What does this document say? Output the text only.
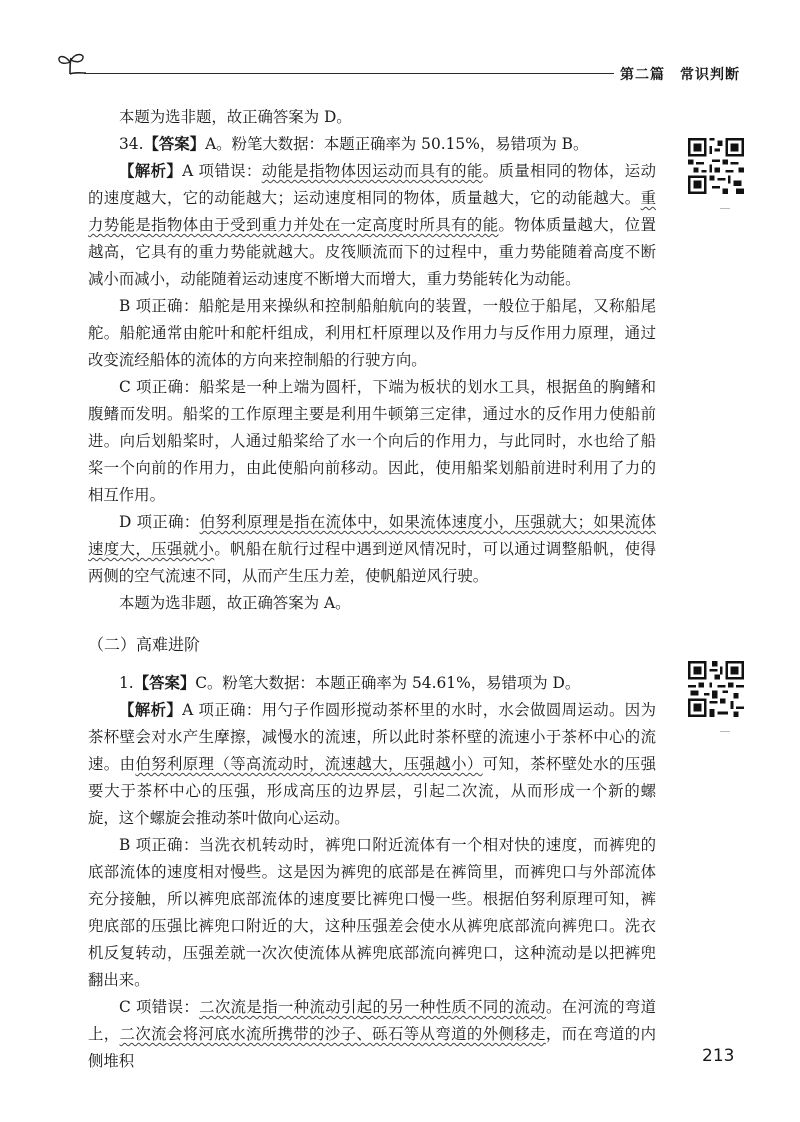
第二篇　常识判断

本题为选非题，故正确答案为 D。

34.【答案】A。粉笔大数据：本题正确率为 50.15%，易错项为 B。

【解析】A 项错误：动能是指物体因运动而具有的能。质量相同的物体，运动的速度越大，它的动能越大；运动速度相同的物体，质量越大，它的动能越大。重力势能是指物体由于受到重力并处在一定高度时所具有的能。物体质量越大，位置越高，它具有的重力势能就越大。皮筏顺流而下的过程中，重力势能随着高度不断减小而减小，动能随着运动速度不断增大而增大，重力势能转化为动能。

B 项正确：船舵是用来操纵和控制船舶航向的装置，一般位于船尾，又称船尾舵。船舵通常由舵叶和舵杆组成，利用杠杆原理以及作用力与反作用力原理，通过改变流经船体的流体的方向来控制船的行驶方向。

C 项正确：船桨是一种上端为圆杆，下端为板状的划水工具，根据鱼的胸鳍和腹鳍而发明。船桨的工作原理主要是利用牛顿第三定律，通过水的反作用力使船前进。向后划船桨时，人通过船桨给了水一个向后的作用力，与此同时，水也给了船桨一个向前的作用力，由此使船向前移动。因此，使用船桨划船前进时利用了力的相互作用。

D 项正确：伯努利原理是指在流体中，如果流体速度小，压强就大；如果流体速度大，压强就小。帆船在航行过程中遇到逆风情况时，可以通过调整船帆，使得两侧的空气流速不同，从而产生压力差，使帆船逆风行驶。

本题为选非题，故正确答案为 A。

（二）高难进阶

1.【答案】C。粉笔大数据：本题正确率为 54.61%，易错项为 D。

【解析】A 项正确：用勺子作圆形搅动茶杯里的水时，水会做圆周运动。因为茶杯壁会对水产生摩擦，减慢水的流速，所以此时茶杯壁的流速小于茶杯中心的流速。由伯努利原理（等高流动时，流速越大，压强越小）可知，茶杯壁处水的压强要大于茶杯中心的压强，形成高压的边界层，引起二次流，从而形成一个新的螺旋，这个螺旋会推动茶叶做向心运动。

B 项正确：当洗衣机转动时，裤兜口附近流体有一个相对快的速度，而裤兜的底部流体的速度相对慢些。这是因为裤兜的底部是在裤筒里，而裤兜口与外部流体充分接触，所以裤兜底部流体的速度要比裤兜口慢一些。根据伯努利原理可知，裤兜底部的压强比裤兜口附近的大，这种压强差会使水从裤兜底部流向裤兜口。洗衣机反复转动，压强差就一次次使流体从裤兜底部流向裤兜口，这种流动是以把裤兜翻出来。

C 项错误：二次流是指一种流动引起的另一种性质不同的流动。在河流的弯道上，二次流会将河底水流所携带的沙子、砾石等从弯道的外侧移走，而在弯道的内侧堆积	213
